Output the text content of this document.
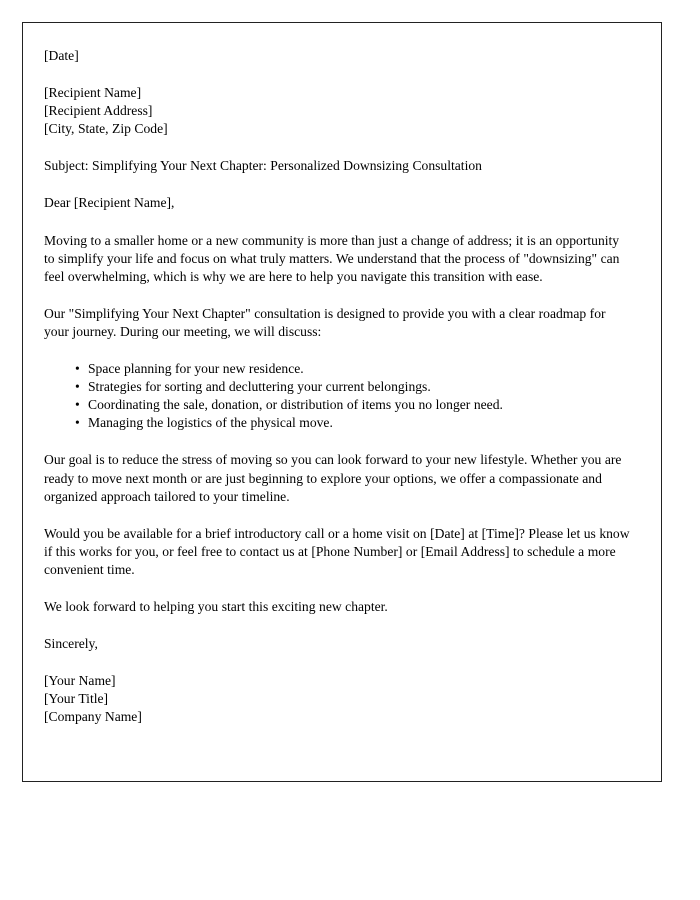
[Date]
[Recipient Name]
[Recipient Address]
[City, State, Zip Code]
Subject: Simplifying Your Next Chapter: Personalized Downsizing Consultation
Dear [Recipient Name],

Moving to a smaller home or a new community is more than just a change of address; it is an opportunity to simplify your life and focus on what truly matters. We understand that the process of "downsizing" can feel overwhelming, which is why we are here to help you navigate this transition with ease.

Our "Simplifying Your Next Chapter" consultation is designed to provide you with a clear roadmap for your journey. During our meeting, we will discuss:

• Space planning for your new residence.
• Strategies for sorting and decluttering your current belongings.
• Coordinating the sale, donation, or distribution of items you no longer need.
• Managing the logistics of the physical move.

Our goal is to reduce the stress of moving so you can look forward to your new lifestyle. Whether you are ready to move next month or are just beginning to explore your options, we offer a compassionate and organized approach tailored to your timeline.

Would you be available for a brief introductory call or a home visit on [Date] at [Time]? Please let us know if this works for you, or feel free to contact us at [Phone Number] or [Email Address] to schedule a more convenient time.

We look forward to helping you start this exciting new chapter.
Sincerely,
[Your Name]
[Your Title]
[Company Name]
